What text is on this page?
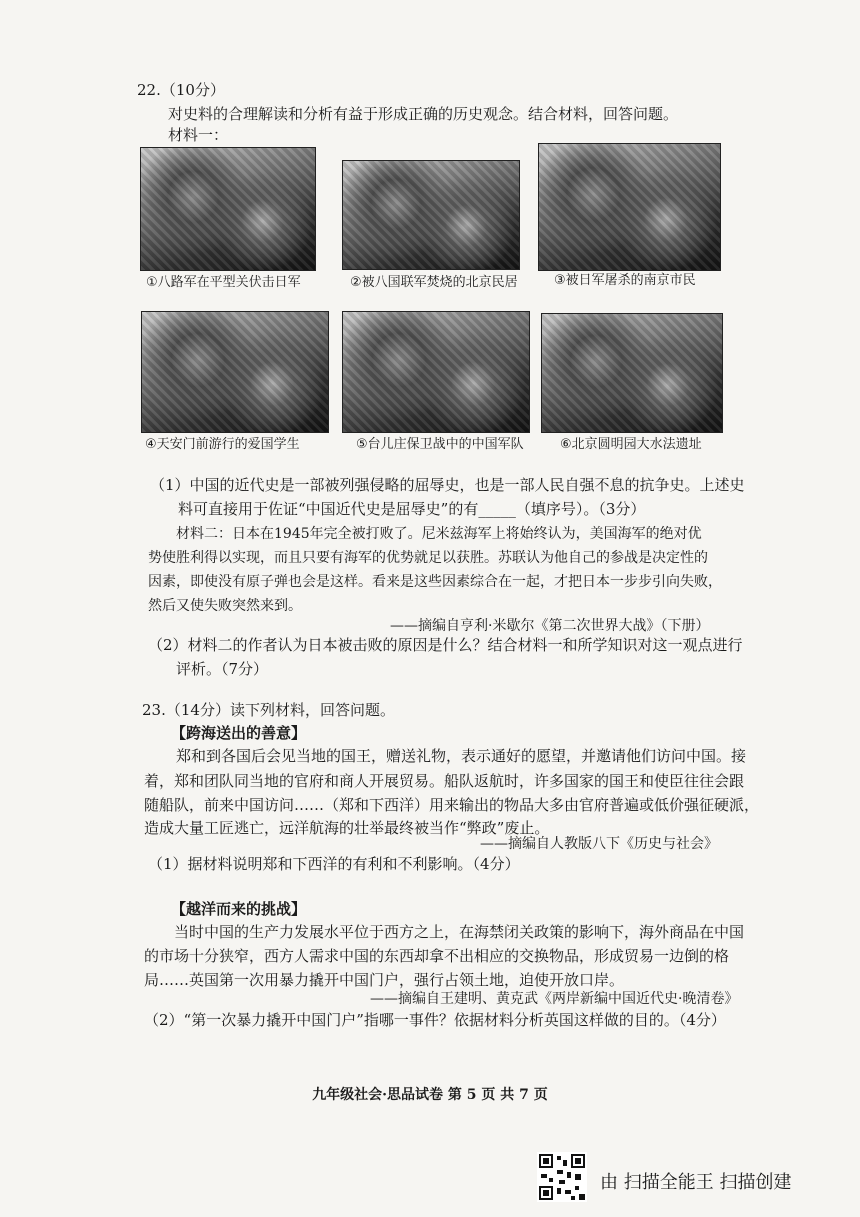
22.（10分）
对史料的合理解读和分析有益于形成正确的历史观念。结合材料，回答问题。
材料一：
①八路军在平型关伏击日军	②被八国联军焚烧的北京民居	③被日军屠杀的南京市民
④天安门前游行的爱国学生	⑤台儿庄保卫战中的中国军队	⑥北京圆明园大水法遗址
（1）中国的近代史是一部被列强侵略的屈辱史，也是一部人民自强不息的抗争史。上述史
料可直接用于佐证“中国近代史是屈辱史”的有_____（填序号）。（3分）
材料二：日本在1945年完全被打败了。尼米兹海军上将始终认为，美国海军的绝对优
势使胜利得以实现，而且只要有海军的优势就足以获胜。苏联认为他自己的参战是决定性的
因素，即使没有原子弹也会是这样。看来是这些因素综合在一起，才把日本一步步引向失败，
然后又使失败突然来到。
——摘编自亨利·米歇尔《第二次世界大战》（下册）
（2）材料二的作者认为日本被击败的原因是什么？结合材料一和所学知识对这一观点进行
评析。（7分）
23.（14分）读下列材料，回答问题。
【跨海送出的善意】
郑和到各国后会见当地的国王，赠送礼物，表示通好的愿望，并邀请他们访问中国。接
着，郑和团队同当地的官府和商人开展贸易。船队返航时，许多国家的国王和使臣往往会跟
随船队，前来中国访问……（郑和下西洋）用来输出的物品大多由官府普遍或低价强征硬派，
造成大量工匠逃亡，远洋航海的壮举最终被当作“弊政”废止。
——摘编自人教版八下《历史与社会》
（1）据材料说明郑和下西洋的有利和不利影响。（4分）
【越洋而来的挑战】
当时中国的生产力发展水平位于西方之上，在海禁闭关政策的影响下，海外商品在中国
的市场十分狭窄，西方人需求中国的东西却拿不出相应的交换物品，形成贸易一边倒的格
局……英国第一次用暴力撬开中国门户，强行占领土地，迫使开放口岸。
——摘编自王建明、黄克武《两岸新编中国近代史·晚清卷》
（2）“第一次暴力撬开中国门户”指哪一事件？依据材料分析英国这样做的目的。（4分）
九年级社会·思品试卷 第 5 页 共 7 页
由 扫描全能王 扫描创建
